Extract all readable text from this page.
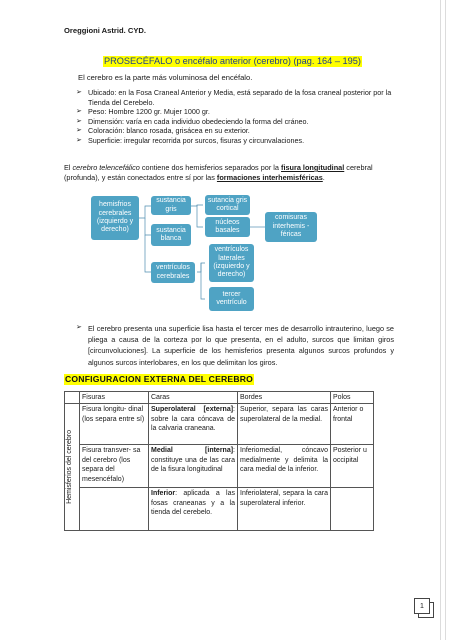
Oreggioni Astrid. CYD.
PROSECÉFALO o encéfalo anterior (cerebro) (pag. 164 – 195)
El cerebro es la parte más voluminosa del encéfalo.
➢ Ubicado: en la Fosa Craneal Anterior y Media, está separado de la fosa craneal posterior por la Tienda del Cerebelo.
➢ Peso: Hombre 1200 gr. Mujer 1000 gr.
➢ Dimensión: varía en cada individuo obedeciendo la forma del cráneo.
➢ Coloración: blanco rosada, grisácea en su exterior.
➢ Superficie: irregular recorrida por surcos, fisuras y circunvalaciones.
El cerebro telencefálico contiene dos hemisferios separados por la fisura longitudinal cerebral (profunda), y están conectados entre sí por las formaciones interhemisféricas.
hemisfrios cerebrales (izquierdo y derecho)
sustancia gris
sustancia blanca
ventrículos cerebrales
sutancia gris cortical
núcleos basales
comisuras interhemis -féricas
ventrículos laterales (izquierdo y derecho)
tercer ventrículo
➢ El cerebro presenta una superficie lisa hasta el tercer mes de desarrollo intrauterino, luego se pliega a causa de la corteza por lo que presenta, en el adulto, surcos que limitan giros [circunvoluciones]. La superficie de los hemisferios presenta algunos surcos profundos y algunos surcos interlobares, en los que delimitan los giros.
CONFIGURACION EXTERNA DEL CEREBRO
	Fisuras	Caras	Bordes	Polos

Hemisferios del cerebro	Fisura longitu- dinal (los separa entre sí)	Superolateral [externa]: sobre la cara cóncava de la calvaria craneana.	Superior, separa las caras superolateral de la medial.	Anterior o frontal
	Fisura transver- sa del cerebro (los separa del mesencéfalo)	Medial [interna]: constituye una de las cara de la fisura longitudinal	Inferiomedial, cóncavo medialmente y delimita la cara medial de la inferior.	Posterior u occipital
		Inferior: aplicada a las fosas craneanas y a la tienda del cerebelo.	Inferiolateral, separa la cara superolateral inferior.	
1
